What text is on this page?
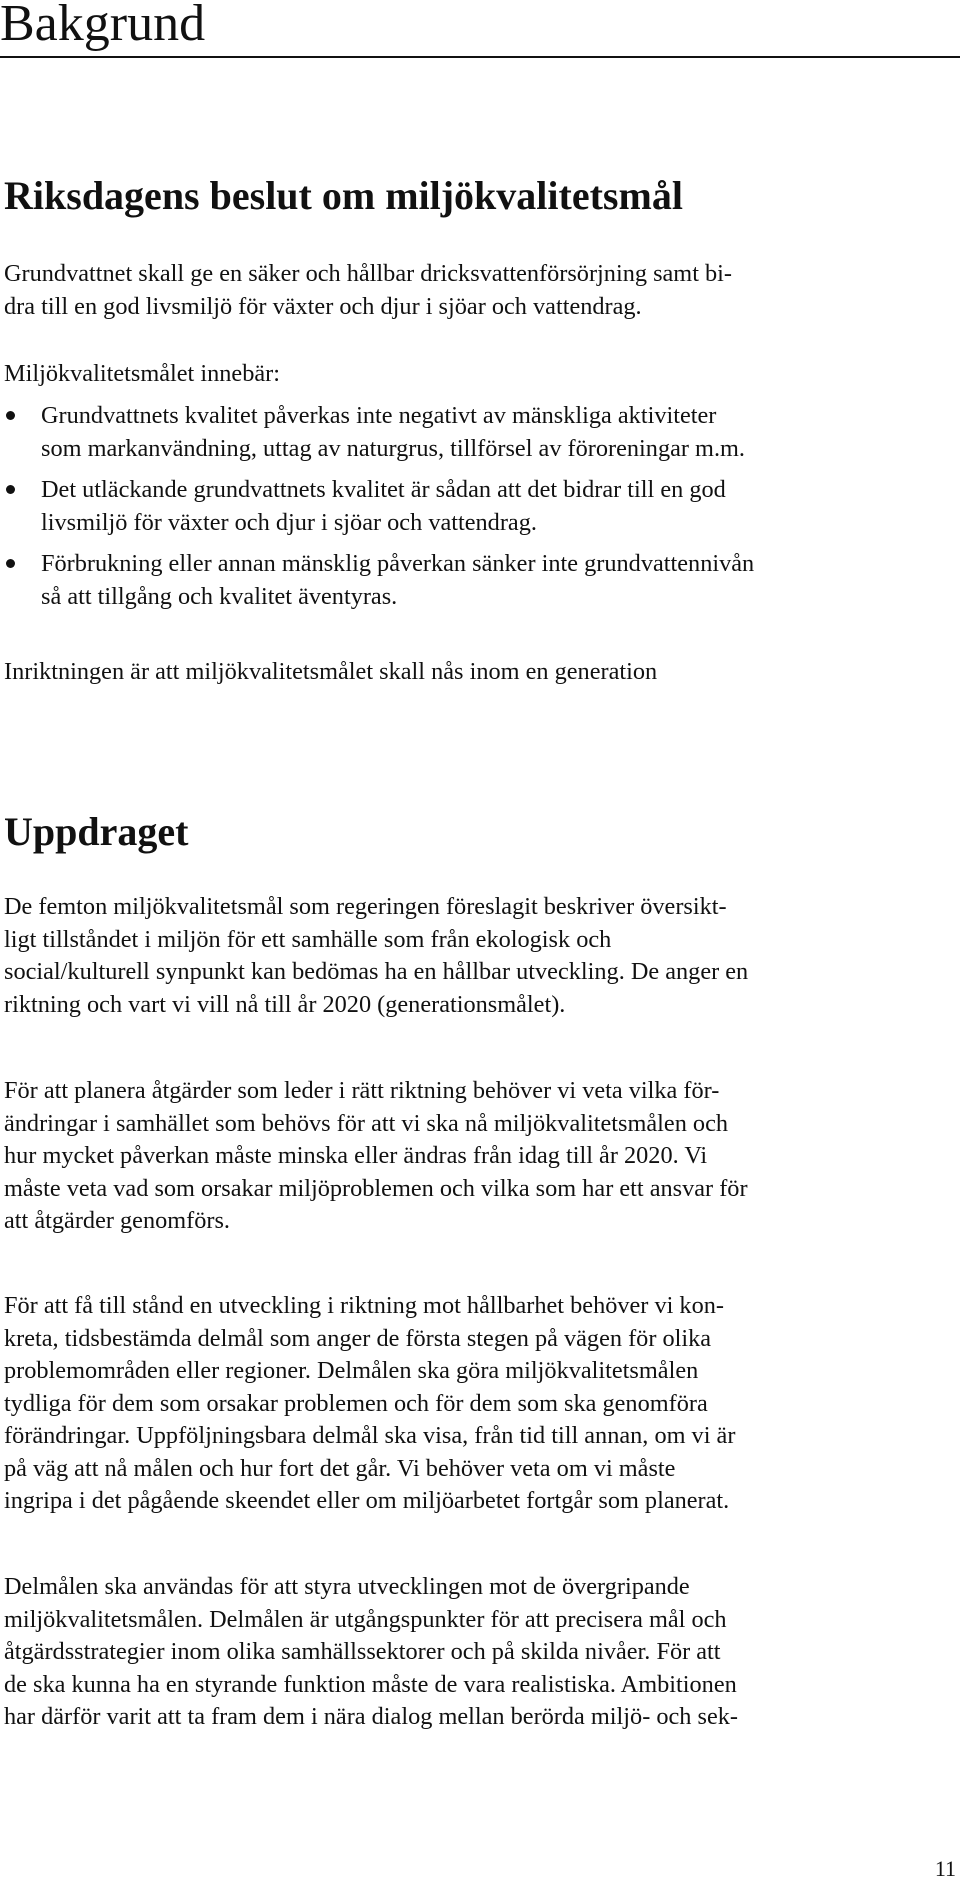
Bakgrund
Riksdagens beslut om miljökvalitetsmål

Grundvattnet skall ge en säker och hållbar dricksvattenförsörjning samt bi-
dra till en god livsmiljö för växter och djur i sjöar och vattendrag.

Miljökvalitetsmålet innebär:

Grundvattnets kvalitet påverkas inte negativt av mänskliga aktiviteter
som markanvändning, uttag av naturgrus, tillförsel av föroreningar m.m.
Det utläckande grundvattnets kvalitet är sådan att det bidrar till en god
livsmiljö för växter och djur i sjöar och vattendrag.
Förbrukning eller annan mänsklig påverkan sänker inte grundvattennivån
så att tillgång och kvalitet äventyras.

Inriktningen är att miljökvalitetsmålet skall nås inom en generation

Uppdraget

De femton miljökvalitetsmål som regeringen föreslagit beskriver översikt-
ligt tillståndet i miljön för ett samhälle som från ekologisk och
social/kulturell synpunkt kan bedömas ha en hållbar utveckling. De anger en
riktning och vart vi vill nå till år 2020 (generationsmålet).

För att planera åtgärder som leder i rätt riktning behöver vi veta vilka för-
ändringar i samhället som behövs för att vi ska nå miljökvalitetsmålen och
hur mycket påverkan måste minska eller ändras från idag till år 2020. Vi
måste veta vad som orsakar miljöproblemen och vilka som har ett ansvar för
att åtgärder genomförs.

För att få till stånd en utveckling i riktning mot hållbarhet behöver vi kon-
kreta, tidsbestämda delmål som anger de första stegen på vägen för olika
problemområden eller regioner. Delmålen ska göra miljökvalitetsmålen
tydliga för dem som orsakar problemen och för dem som ska genomföra
förändringar. Uppföljningsbara delmål ska visa, från tid till annan, om vi är
på väg att nå målen och hur fort det går. Vi behöver veta om vi måste
ingripa i det pågående skeendet eller om miljöarbetet fortgår som planerat.

Delmålen ska användas för att styra utvecklingen mot de övergripande
miljökvalitetsmålen. Delmålen är utgångspunkter för att precisera mål och
åtgärdsstrategier inom olika samhällssektorer och på skilda nivåer. För att
de ska kunna ha en styrande funktion måste de vara realistiska. Ambitionen
har därför varit att ta fram dem i nära dialog mellan berörda miljö- och sek-

11
